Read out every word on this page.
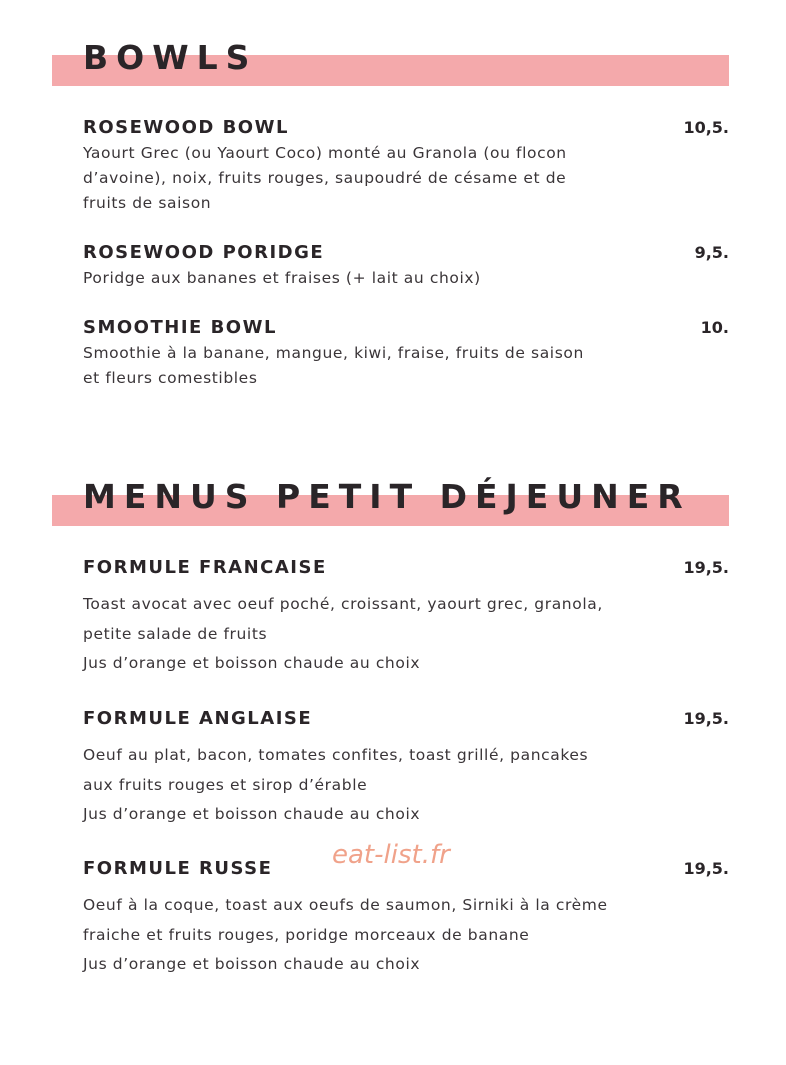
BOWLS
ROSEWOOD BOWL	10,5.
Yaourt Grec (ou Yaourt Coco) monté au Granola (ou flocon
d’avoine), noix, fruits rouges, saupoudré de césame et de
fruits de saison
ROSEWOOD PORIDGE	9,5.
Poridge aux bananes et fraises (+ lait au choix)
SMOOTHIE BOWL	10.
Smoothie à la banane, mangue, kiwi, fraise, fruits de saison
et fleurs comestibles
MENUS PETIT DÉJEUNER
FORMULE FRANCAISE	19,5.
Toast avocat avec oeuf poché, croissant, yaourt grec, granola,
petite salade de fruits
Jus d’orange et boisson chaude au choix
FORMULE ANGLAISE	19,5.
Oeuf au plat, bacon, tomates confites, toast grillé, pancakes
aux fruits rouges et sirop d’érable
Jus d’orange et boisson chaude au choix
FORMULE RUSSE	19,5.
Oeuf à la coque, toast aux oeufs de saumon, Sirniki à la crème
fraiche et fruits rouges, poridge morceaux de banane
Jus d’orange et boisson chaude au choix
eat-list.fr
